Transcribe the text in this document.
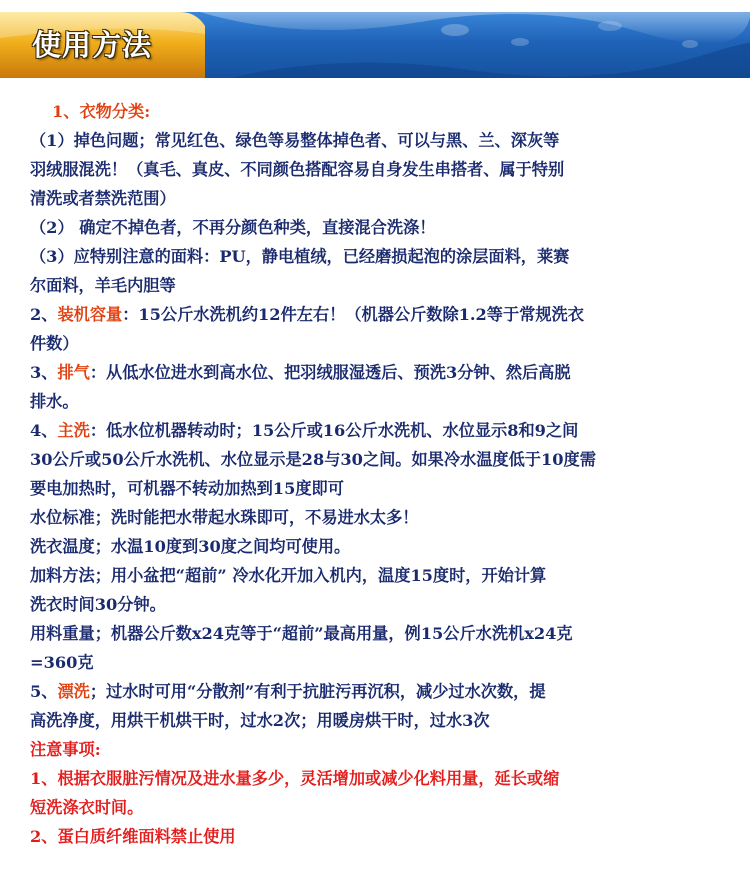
使用方法
1、衣物分类:
（1）掉色问题；常见红色、绿色等易整体掉色者、可以与黑、兰、深灰等
羽绒服混洗！（真毛、真皮、不同颜色搭配容易自身发生串搭者、属于特别
清洗或者禁洗范围）
（2） 确定不掉色者，不再分颜色种类，直接混合洗涤！
（3）应特别注意的面料：PU，静电植绒，已经磨损起泡的涂层面料，莱赛
尔面料，羊毛内胆等
2、装机容量：15公斤水洗机约12件左右！（机器公斤数除1.2等于常规洗衣
件数）
3、排气：从低水位进水到高水位、把羽绒服湿透后、预洗3分钟、然后高脱
排水。
4、主洗：低水位机器转动时；15公斤或16公斤水洗机、水位显示8和9之间
30公斤或50公斤水洗机、水位显示是28与30之间。如果冷水温度低于10度需
要电加热时，可机器不转动加热到15度即可
水位标准；洗时能把水带起水珠即可，不易进水太多！
洗衣温度；水温10度到30度之间均可使用。
加料方法；用小盆把“超前” 冷水化开加入机内，温度15度时，开始计算
洗衣时间30分钟。
用料重量；机器公斤数x24克等于“超前”最高用量，例15公斤水洗机x24克
=360克
5、漂洗；过水时可用“分散剂”有利于抗脏污再沉积，减少过水次数，提
高洗净度，用烘干机烘干时，过水2次；用暖房烘干时，过水3次
注意事项:
1、根据衣服脏污情况及进水量多少，灵活增加或减少化料用量，延长或缩
短洗涤衣时间。
2、蛋白质纤维面料禁止使用
